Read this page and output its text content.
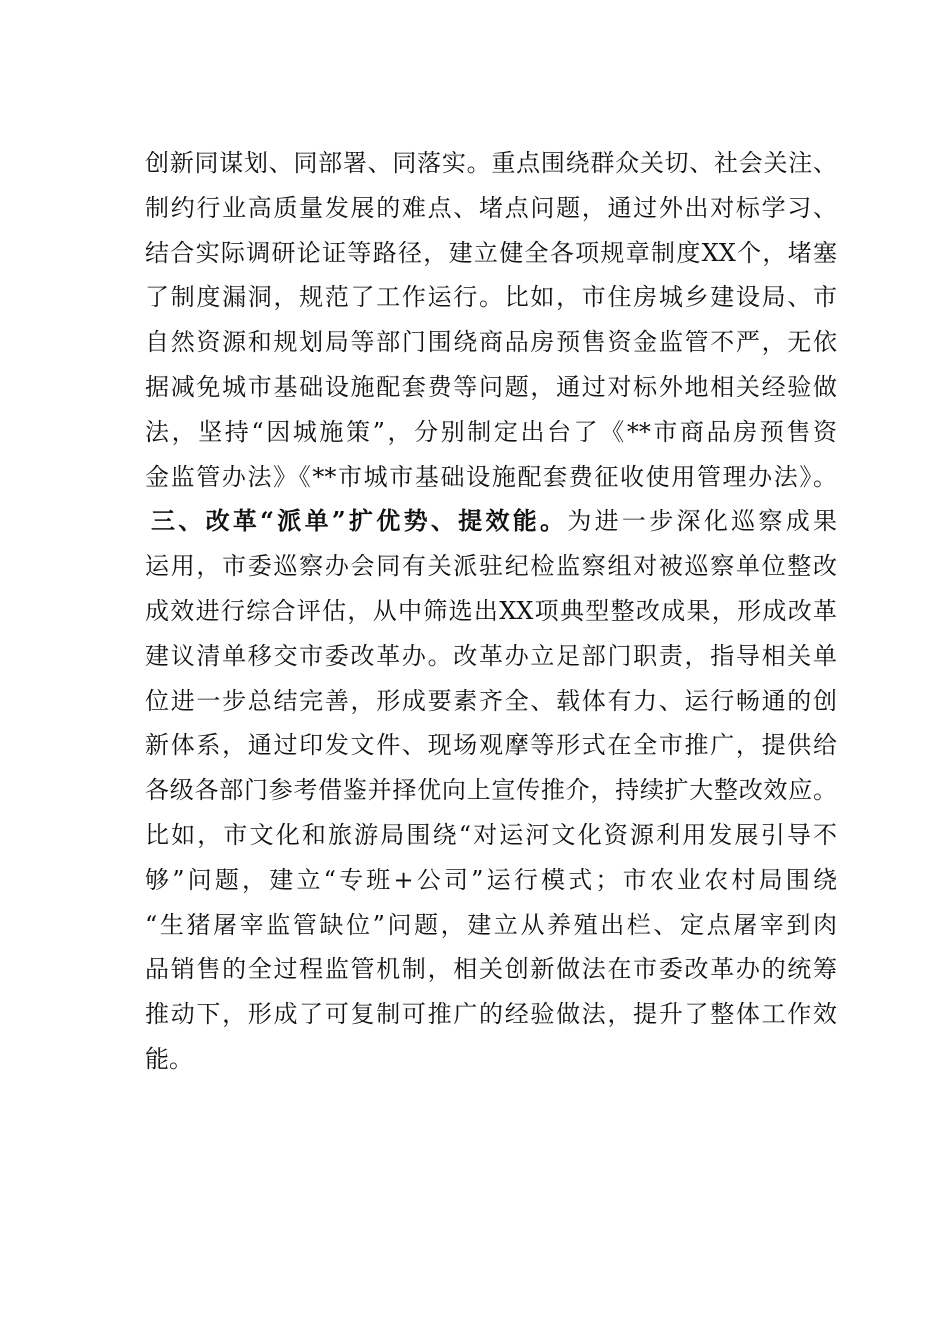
创新同谋划、同部署、同落实。重点围绕群众关切、社会关注、
制约行业高质量发展的难点、堵点问题，通过外出对标学习、
结合实际调研论证等路径，建立健全各项规章制度XX个，堵塞
了制度漏洞，规范了工作运行。比如，市住房城乡建设局、市
自然资源和规划局等部门围绕商品房预售资金监管不严，无依
据减免城市基础设施配套费等问题，通过对标外地相关经验做
法，坚持“因城施策”，分别制定出台了《**市商品房预售资
金监管办法》《**市城市基础设施配套费征收使用管理办法》。
三、改革“派单”扩优势、提效能。为进一步深化巡察成果
运用，市委巡察办会同有关派驻纪检监察组对被巡察单位整改
成效进行综合评估，从中筛选出XX项典型整改成果，形成改革
建议清单移交市委改革办。改革办立足部门职责，指导相关单
位进一步总结完善，形成要素齐全、载体有力、运行畅通的创
新体系，通过印发文件、现场观摩等形式在全市推广，提供给
各级各部门参考借鉴并择优向上宣传推介，持续扩大整改效应。
比如，市文化和旅游局围绕“对运河文化资源利用发展引导不
够”问题，建立“专班+公司”运行模式；市农业农村局围绕
“生猪屠宰监管缺位”问题，建立从养殖出栏、定点屠宰到肉
品销售的全过程监管机制，相关创新做法在市委改革办的统筹
推动下，形成了可复制可推广的经验做法，提升了整体工作效
能。
